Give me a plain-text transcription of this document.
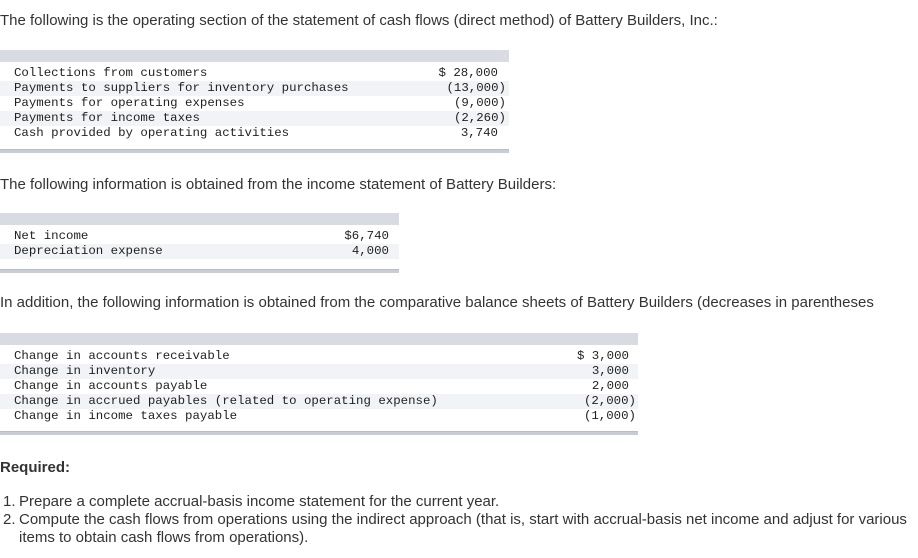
The following is the operating section of the statement of cash flows (direct method) of Battery Builders, Inc.:
Collections from customers	$ 28,000
Payments to suppliers for inventory purchases	(13,000)
Payments for operating expenses	(9,000)
Payments for income taxes	(2,260)
Cash provided by operating activities	3,740
The following information is obtained from the income statement of Battery Builders:
Net income	$6,740
Depreciation expense	4,000
In addition, the following information is obtained from the comparative balance sheets of Battery Builders (decreases in parentheses
Change in accounts receivable	$ 3,000
Change in inventory	3,000
Change in accounts payable	2,000
Change in accrued payables (related to operating expense)	(2,000)
Change in income taxes payable	(1,000)
Required:
1. Prepare a complete accrual-basis income statement for the current year.
2. Compute the cash flows from operations using the indirect approach (that is, start with accrual-basis net income and adjust for various items to obtain cash flows from operations).
